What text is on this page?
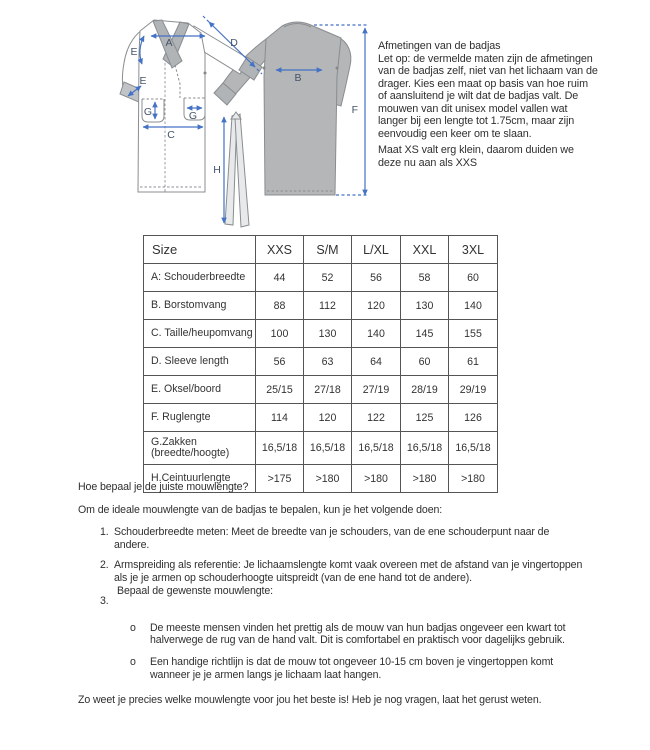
A
E
E
G	G
C
H
B
D
F
Afmetingen van de badjas
Let op: de vermelde maten zijn de afmetingen van de badjas zelf, niet van het lichaam van de drager. Kies een maat op basis van hoe ruim of aansluitend je wilt dat de badjas valt. De mouwen van dit unisex model vallen wat langer bij een lengte tot 1.75cm, maar zijn eenvoudig een keer om te slaan.
Maat XS valt erg klein, daarom duiden we deze nu aan als XXS
Size	XXS	S/M	L/XL	XXL	3XL
A: Schouderbreedte	44	52	56	58	60
B. Borstomvang	88	112	120	130	140
C. Taille/heupomvang	100	130	140	145	155
D. Sleeve length	56	63	64	60	61
E. Oksel/boord	25/15	27/18	27/19	28/19	29/19
F. Ruglengte	114	120	122	125	126
G.Zakken (breedte/hoogte)	16,5/18	16,5/18	16,5/18	16,5/18	16,5/18
H.Ceintuurlengte	>175	>180	>180	>180	>180
Hoe bepaal je de juiste mouwlengte?
Om de ideale mouwlengte van de badjas te bepalen, kun je het volgende doen:
1. Schouderbreedte meten: Meet de breedte van je schouders, van de ene schouderpunt naar de andere.
2. Armspreiding als referentie: Je lichaamslengte komt vaak overeen met de afstand van je vingertoppen als je je armen op schouderhoogte uitspreidt (van de ene hand tot de andere).
Bepaal de gewenste mouwlengte:
3.
o	De meeste mensen vinden het prettig als de mouw van hun badjas ongeveer een kwart tot halverwege de rug van de hand valt. Dit is comfortabel en praktisch voor dagelijks gebruik.
o	Een handige richtlijn is dat de mouw tot ongeveer 10-15 cm boven je vingertoppen komt wanneer je je armen langs je lichaam laat hangen.
Zo weet je precies welke mouwlengte voor jou het beste is! Heb je nog vragen, laat het gerust weten.
